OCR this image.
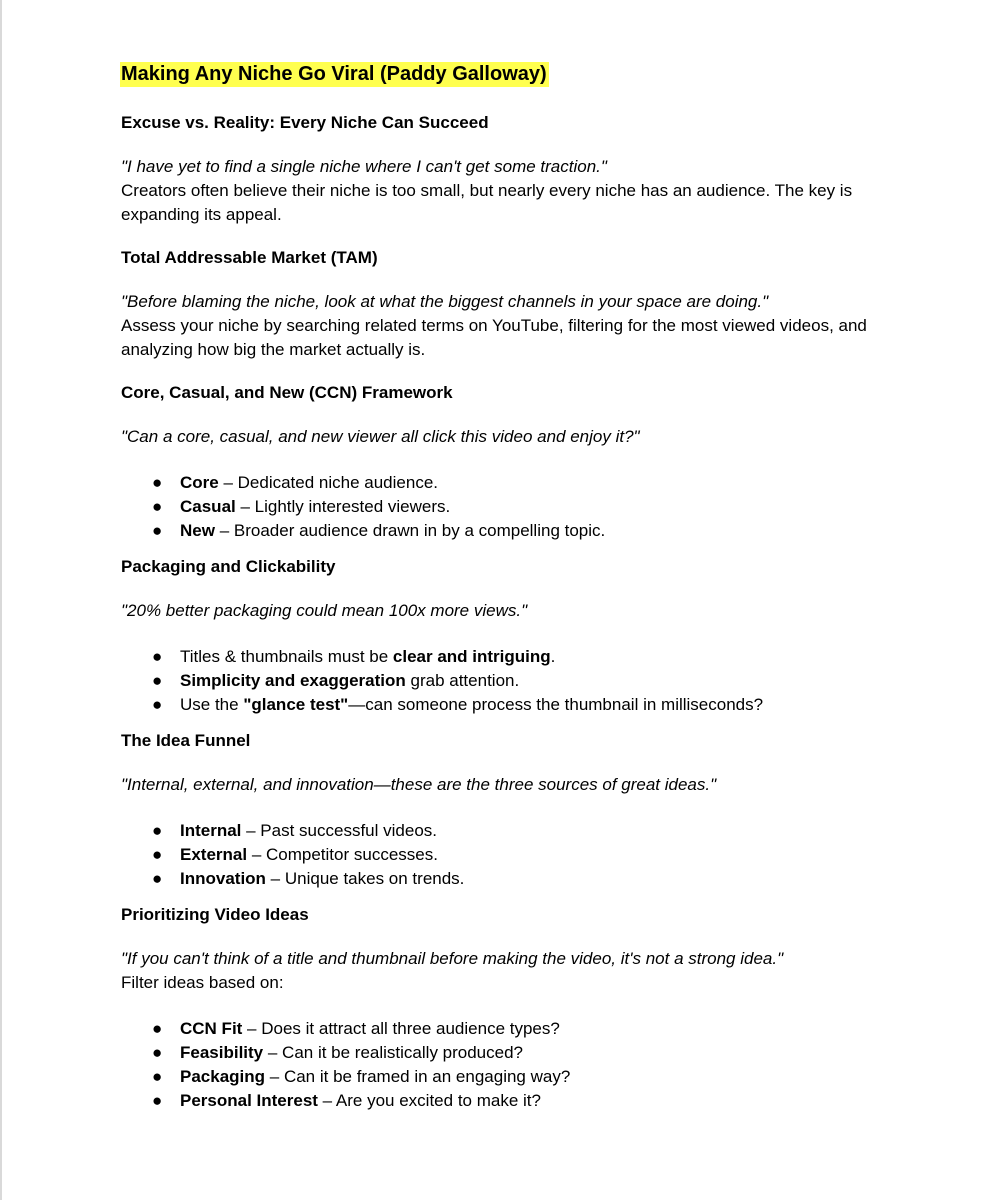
Making Any Niche Go Viral (Paddy Galloway)
Excuse vs. Reality: Every Niche Can Succeed

"I have yet to find a single niche where I can't get some traction."

Creators often believe their niche is too small, but nearly every niche has an audience. The key is expanding its appeal.

Total Addressable Market (TAM)

"Before blaming the niche, look at what the biggest channels in your space are doing."

Assess your niche by searching related terms on YouTube, filtering for the most viewed videos, and analyzing how big the market actually is.

Core, Casual, and New (CCN) Framework

"Can a core, casual, and new viewer all click this video and enjoy it?"

● Core – Dedicated niche audience.
● Casual – Lightly interested viewers.
● New – Broader audience drawn in by a compelling topic.
Packaging and Clickability

"20% better packaging could mean 100x more views."

● Titles & thumbnails must be clear and intriguing.
● Simplicity and exaggeration grab attention.
● Use the "glance test"—can someone process the thumbnail in milliseconds?
The Idea Funnel

"Internal, external, and innovation—these are the three sources of great ideas."

● Internal – Past successful videos.
● External – Competitor successes.
● Innovation – Unique takes on trends.
Prioritizing Video Ideas

"If you can't think of a title and thumbnail before making the video, it's not a strong idea."

Filter ideas based on:

● CCN Fit – Does it attract all three audience types?
● Feasibility – Can it be realistically produced?
● Packaging – Can it be framed in an engaging way?
● Personal Interest – Are you excited to make it?
